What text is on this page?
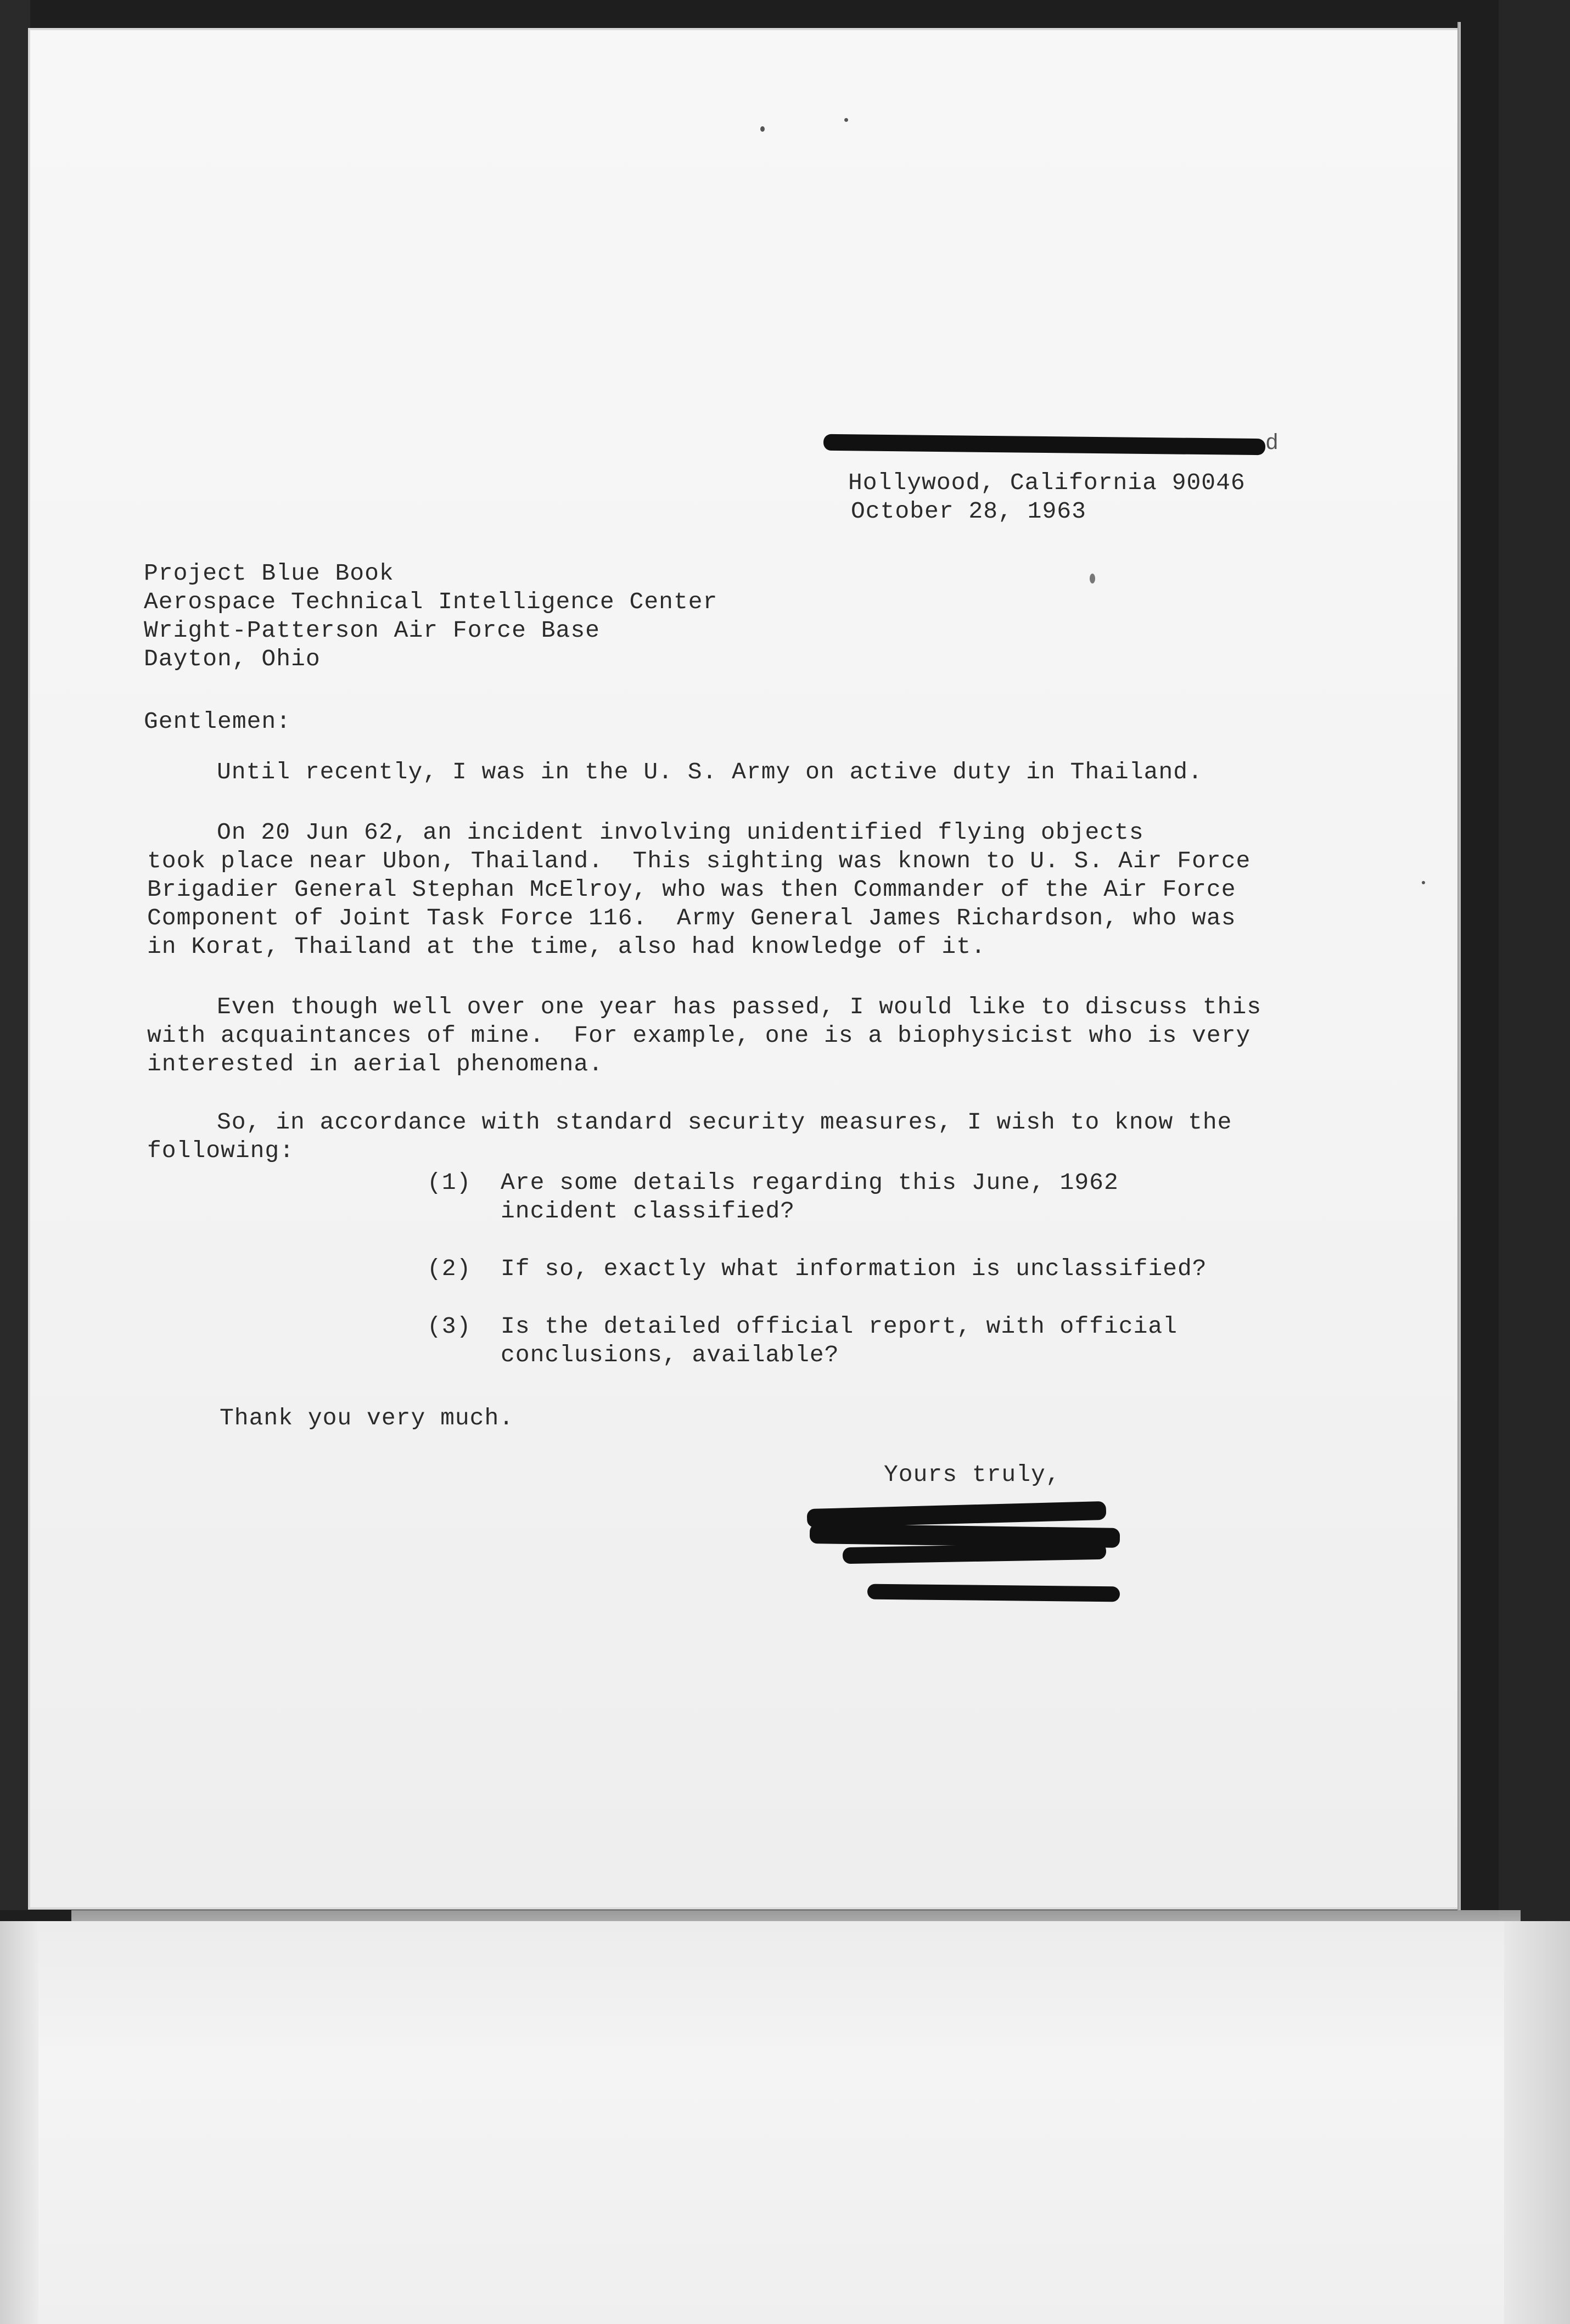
d
Hollywood, California 90046
October 28, 1963
Project Blue Book
Aerospace Technical Intelligence Center
Wright-Patterson Air Force Base
Dayton, Ohio
Gentlemen:
Until recently, I was in the U. S. Army on active duty in Thailand.
On 20 Jun 62, an incident involving unidentified flying objects
took place near Ubon, Thailand.  This sighting was known to U. S. Air Force
Brigadier General Stephan McElroy, who was then Commander of the Air Force
Component of Joint Task Force 116.  Army General James Richardson, who was
in Korat, Thailand at the time, also had knowledge of it.
Even though well over one year has passed, I would like to discuss this
with acquaintances of mine.  For example, one is a biophysicist who is very
interested in aerial phenomena.
So, in accordance with standard security measures, I wish to know the
following:
(1) Are some details regarding this June, 1962
incident classified?
(2) If so, exactly what information is unclassified?
(3) Is the detailed official report, with official
conclusions, available?
Thank you very much.
Yours truly,
